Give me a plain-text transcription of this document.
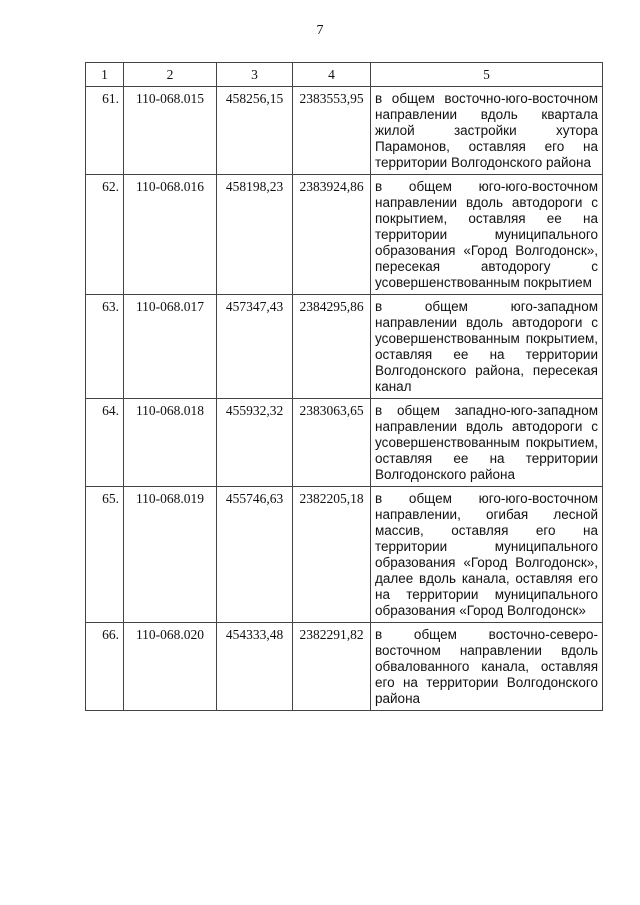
7
1	2	3	4	5
61.	110-068.015	458256,15	2383553,95	в общем восточно-юго-восточном направлении вдоль квартала жилой застройки хутора Парамонов, оставляя его на территории Волгодонского района
62.	110-068.016	458198,23	2383924,86	в общем юго-юго-восточном направлении вдоль автодороги с покрытием, оставляя ее на территории муниципального образования «Город Волгодонск», пересекая автодорогу с усовершенствованным покрытием
63.	110-068.017	457347,43	2384295,86	в общем юго-западном направлении вдоль автодороги с усовершенствованным покрытием, оставляя ее на территории Волгодонского района, пересекая канал
64.	110-068.018	455932,32	2383063,65	в общем западно-юго-западном направлении вдоль автодороги с усовершенствованным покрытием, оставляя ее на территории Волгодонского района
65.	110-068.019	455746,63	2382205,18	в общем юго-юго-восточном направлении, огибая лесной массив, оставляя его на территории муниципального образования «Город Волгодонск», далее вдоль канала, оставляя его на территории муниципального образования «Город Волгодонск»
66.	110-068.020	454333,48	2382291,82	в общем восточно-северо-восточном направлении вдоль обвалованного канала, оставляя его на территории Волгодонского района
